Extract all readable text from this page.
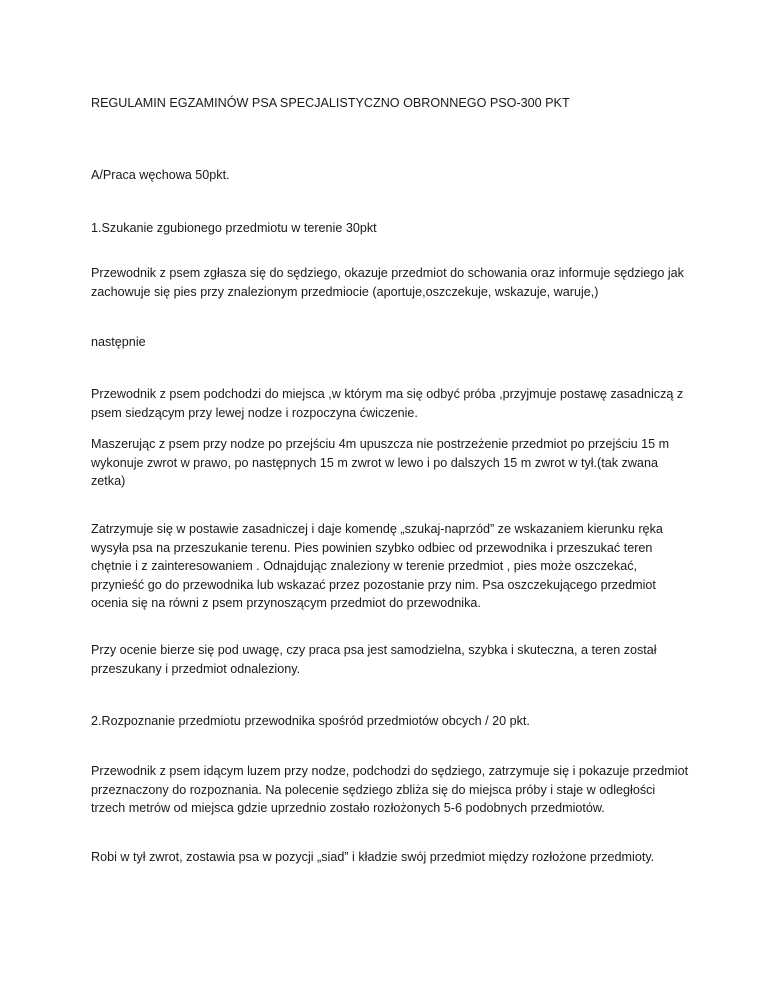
REGULAMIN EGZAMINÓW PSA SPECJALISTYCZNO OBRONNEGO PSO-300 PKT

A/Praca węchowa 50pkt.

1.Szukanie zgubionego przedmiotu w terenie 30pkt

Przewodnik z psem zgłasza się do sędziego, okazuje przedmiot do schowania oraz informuje sędziego jak zachowuje się pies przy znalezionym przedmiocie (aportuje,oszczekuje, wskazuje, waruje,)

następnie

Przewodnik z psem podchodzi do miejsca ,w którym ma się odbyć próba ,przyjmuje postawę zasadniczą z psem siedzącym przy lewej nodze i rozpoczyna ćwiczenie.

Maszerując z psem przy nodze po przejściu 4m upuszcza nie postrzeżenie przedmiot po przejściu 15 m wykonuje zwrot w prawo, po następnych 15 m zwrot w lewo i po dalszych 15 m zwrot w tył.(tak zwana zetka)

Zatrzymuje się w postawie zasadniczej i daje komendę „szukaj-naprzód” ze wskazaniem kierunku ręka wysyła psa na przeszukanie terenu. Pies powinien szybko odbiec od przewodnika i przeszukać teren chętnie i z zainteresowaniem . Odnajdując znaleziony w terenie przedmiot , pies może oszczekać, przynieść go do przewodnika lub wskazać przez pozostanie przy nim. Psa oszczekującego przedmiot ocenia się na równi z psem przynoszącym przedmiot do przewodnika.

Przy ocenie bierze się pod uwagę, czy praca psa jest samodzielna, szybka i skuteczna, a teren został przeszukany i przedmiot odnaleziony.

2.Rozpoznanie przedmiotu przewodnika spośród przedmiotów obcych / 20 pkt.

Przewodnik z psem idącym luzem przy nodze, podchodzi do sędziego, zatrzymuje się i pokazuje przedmiot przeznaczony do rozpoznania. Na polecenie sędziego zbliża się do miejsca próby i staje w odległości trzech metrów od miejsca gdzie uprzednio zostało rozłożonych 5-6 podobnych przedmiotów.

Robi w tył zwrot, zostawia psa w pozycji „siad” i kładzie swój przedmiot między rozłożone przedmioty.
